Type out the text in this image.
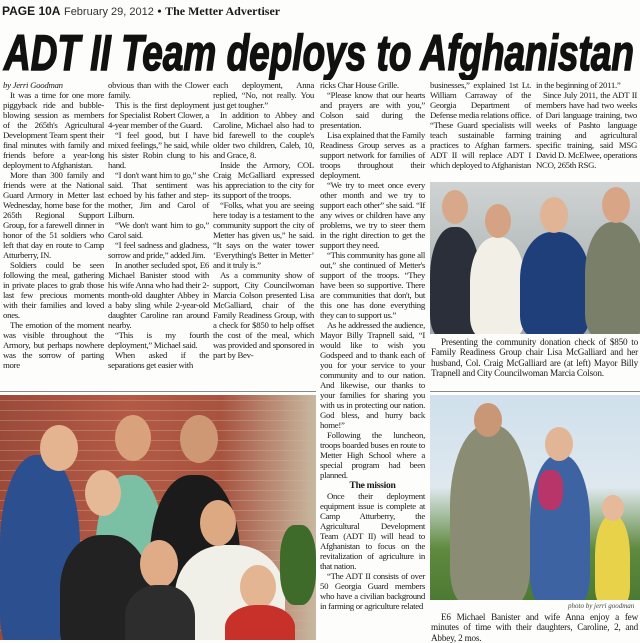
PAGE 10A February 29, 2012 • The Metter Advertiser
ADT II Team deploys to Afghanistan

by Jerri Goodman

It was a time for one more piggyback ride and bubble-blowing session as members of the 265th's Agricultural Development Team spent their final minutes with family and friends before a year-long deployment to Afghanistan.

More than 300 family and friends were at the National Guard Armory in Metter last Wednesday, home base for the 265th Regional Support Group, for a farewell dinner in honor of the 51 soldiers who left that day en route to Camp Atturberry, IN.

Soldiers could be seen following the meal, gathering in private places to grab those last few precious moments with their families and loved ones.

The emotion of the moment was visible throughout the Armory, but perhaps nowhere was the sorrow of parting more

obvious than with the Clower family.

This is the first deployment for Specialist Robert Clower, a 4-year member of the Guard.

“I feel good, but I have mixed feelings,” he said, while his sister Robin clung to his hand.

“I don't want him to go,” she said. That sentiment was echoed by his father and step-mother, Jim and Carol of Lilburn.

“We don't want him to go,” Carol said.

“I feel sadness and gladness, sorrow and pride,” added Jim.

In another secluded spot, E6 Michael Banister stood with his wife Anna who had their 2-month-old daughter Abbey in a baby sling while 2-year-old daughter Caroline ran around nearby.

“This is my fourth deployment,” Michael said.

When asked if the separations get easier with

each deployment, Anna replied, “No, not really. You just get tougher.”

In addition to Abbey and Caroline, Michael also had to bid farewell to the couple's older two children, Caleb, 10, and Grace, 8.

Inside the Armory, COL Craig McGalliard expressed his appreciation to the city for its support of the troops.

“Folks, what you are seeing here today is a testament to the community support the city of Metter has given us,” he said. “It says on the water tower ‘Everything's Better in Metter’ and it truly is.”

As a community show of support, City Councilwoman Marcia Colson presented Lisa McGalliard, chair of the Family Readiness Group, with a check for $850 to help offset the cost of the meal, which was provided and sponsored in part by Bev-

ricks Char House Grille.

“Please know that our hearts and prayers are with you,” Colson said during the presentation.

Lisa explained that the Family Readiness Group serves as a support network for families of troops throughout their deployment.

“We try to meet once every other month and we try to support each other” she said. “If any wives or children have any problems, we try to steer them in the right direction to get the support they need.

“This community has gone all out,” she continued of Metter's support of the troops. “They have been so supportive. There are communities that don't, but this one has done everything they can to support us.”

As he addressed the audience, Mayor Billy Trapnell said, “I would like to wish you Godspeed and to thank each of you for your service to your community and to our nation. And likewise, our thanks to your families for sharing you with us in protecting our nation. God bless, and hurry back home!”

Following the luncheon, troops boarded buses en route to Metter High School where a special program had been planned.

The mission

Once their deployment equipment issue is complete at Camp Atturberry, the Agricultural Development Team (ADT II) will head to Afghanistan to focus on the revitalization of agriculture in that nation.

“The ADT II consists of over 50 Georgia Guard members who have a civilian background in farming or agriculture related

businesses,” explained 1st Lt. William Carraway of the Georgia Department of Defense media relations office. “These Guard specialists will teach sustainable farming practices to Afghan farmers. ADT II will replace ADT I which deployed to Afghanistan

in the beginning of 2011.”

Since July 2011, the ADT II members have had two weeks of Dari language training, two weeks of Pashto language training and agricultural specific training, said MSG David D. McElwee, operations NCO, 265th RSG.

Presenting the community donation check of $850 to Family Readiness Group chair Lisa McGalliard and her husband, Col. Craig McGalliard are (at left) Mayor Billy Trapnell and City Councilwoman Marcia Colson.

photo by jerri goodman

E6 Michael Banister and wife Anna enjoy a few minutes of time with their daughters, Caroline, 2, and Abbey, 2 mos.
